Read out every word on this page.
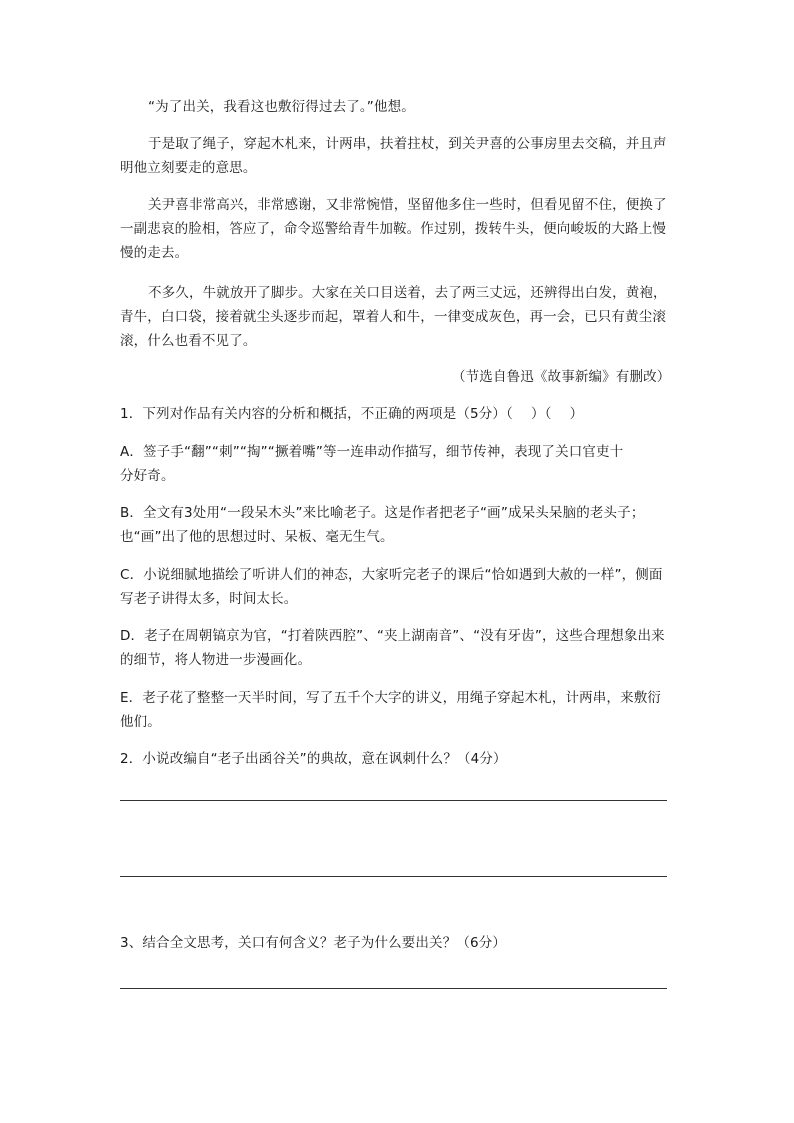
“为了出关，我看这也敷衍得过去了。”他想。
于是取了绳子，穿起木札来，计两串，扶着拄杖，到关尹喜的公事房里去交稿，并且声
明他立刻要走的意思。
关尹喜非常高兴，非常感谢，又非常惋惜，坚留他多住一些时，但看见留不住，便换了
一副悲哀的脸相，答应了，命令巡警给青牛加鞍。作过别，拨转牛头，便向峻坂的大路上慢
慢的走去。
不多久，牛就放开了脚步。大家在关口目送着，去了两三丈远，还辨得出白发，黄袍，
青牛，白口袋，接着就尘头逐步而起，罩着人和牛，一律变成灰色，再一会，已只有黄尘滚
滚，什么也看不见了。
（节选自鲁迅《故事新编》有删改）
1．下列对作品有关内容的分析和概括，不正确的两项是（5分）（　 ）（　 ）
A．签子手“翻”“刺”“掏”“撅着嘴”等一连串动作描写，细节传神，表现了关口官吏十
分好奇。
B．全文有3处用“一段呆木头”来比喻老子。这是作者把老子“画”成呆头呆脑的老头子；
也“画”出了他的思想过时、呆板、毫无生气。
C．小说细腻地描绘了听讲人们的神态，大家听完老子的课后“恰如遇到大赦的一样”，侧面
写老子讲得太多，时间太长。
D．老子在周朝镐京为官，“打着陕西腔”、“夹上湖南音”、“没有牙齿”，这些合理想象出来
的细节，将人物进一步漫画化。
E．老子花了整整一天半时间，写了五千个大字的讲义，用绳子穿起木札，计两串，来敷衍
他们。
2．小说改编自“老子出函谷关”的典故，意在讽刺什么？（4分）
3、结合全文思考，关口有何含义？老子为什么要出关？（6分）
